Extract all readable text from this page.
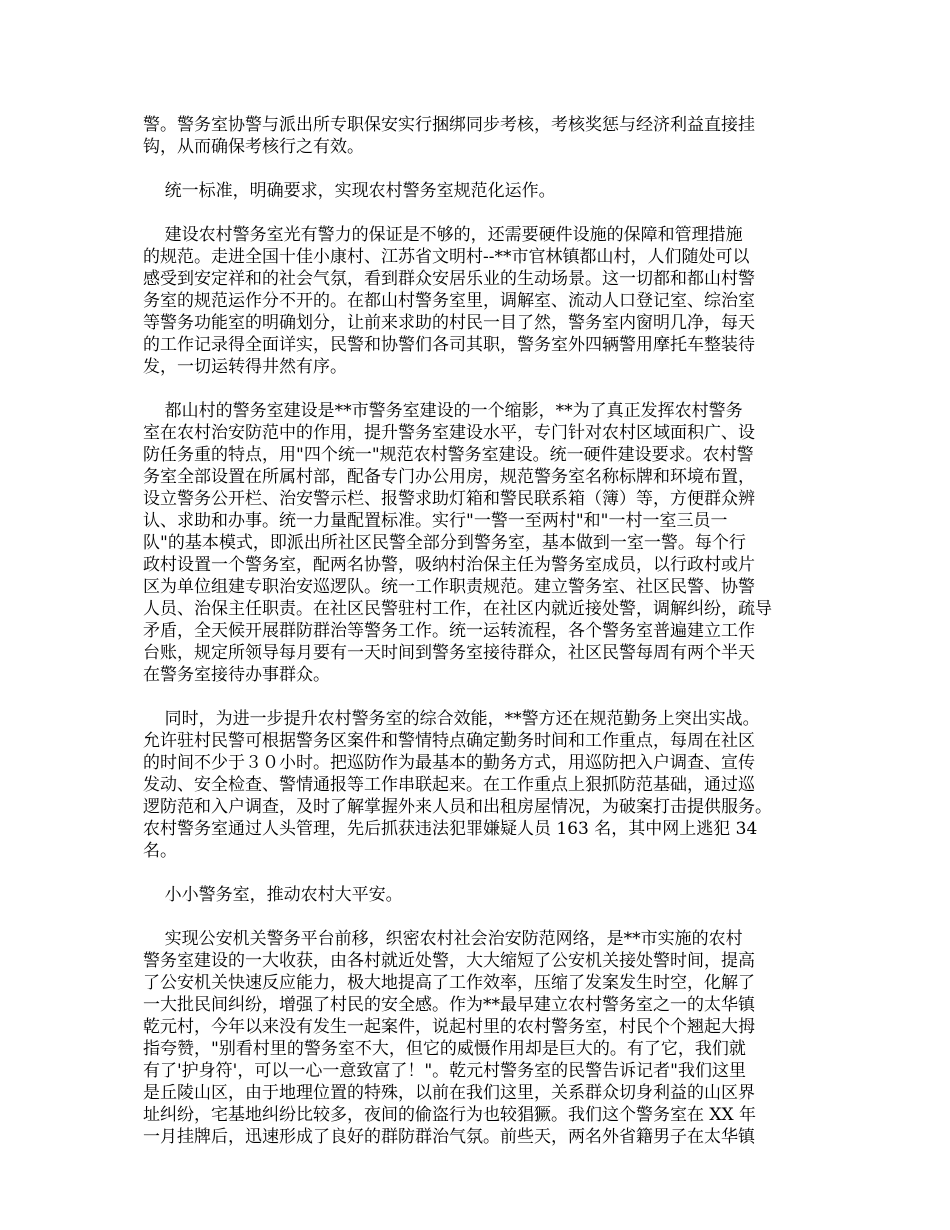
警。警务室协警与派出所专职保安实行捆绑同步考核，考核奖惩与经济利益直接挂
钩，从而确保考核行之有效。
统一标准，明确要求，实现农村警务室规范化运作。
建设农村警务室光有警力的保证是不够的，还需要硬件设施的保障和管理措施
的规范。走进全国十佳小康村、江苏省文明村--**市官林镇都山村，人们随处可以
感受到安定祥和的社会气氛，看到群众安居乐业的生动场景。这一切都和都山村警
务室的规范运作分不开的。在都山村警务室里，调解室、流动人口登记室、综治室
等警务功能室的明确划分，让前来求助的村民一目了然，警务室内窗明几净，每天
的工作记录得全面详实，民警和协警们各司其职，警务室外四辆警用摩托车整装待
发，一切运转得井然有序。
都山村的警务室建设是**市警务室建设的一个缩影，**为了真正发挥农村警务
室在农村治安防范中的作用，提升警务室建设水平，专门针对农村区域面积广、设
防任务重的特点，用"四个统一"规范农村警务室建设。统一硬件建设要求。农村警
务室全部设置在所属村部，配备专门办公用房，规范警务室名称标牌和环境布置，
设立警务公开栏、治安警示栏、报警求助灯箱和警民联系箱（簿）等，方便群众辨
认、求助和办事。统一力量配置标准。实行"一警一至两村"和"一村一室三员一
队"的基本模式，即派出所社区民警全部分到警务室，基本做到一室一警。每个行
政村设置一个警务室，配两名协警，吸纳村治保主任为警务室成员，以行政村或片
区为单位组建专职治安巡逻队。统一工作职责规范。建立警务室、社区民警、协警
人员、治保主任职责。在社区民警驻村工作，在社区内就近接处警，调解纠纷，疏导
矛盾，全天候开展群防群治等警务工作。统一运转流程，各个警务室普遍建立工作
台账，规定所领导每月要有一天时间到警务室接待群众，社区民警每周有两个半天
在警务室接待办事群众。
同时，为进一步提升农村警务室的综合效能，**警方还在规范勤务上突出实战。
允许驻村民警可根据警务区案件和警情特点确定勤务时间和工作重点，每周在社区
的时间不少于３０小时。把巡防作为最基本的勤务方式，用巡防把入户调查、宣传
发动、安全检查、警情通报等工作串联起来。在工作重点上狠抓防范基础，通过巡
逻防范和入户调查，及时了解掌握外来人员和出租房屋情况，为破案打击提供服务。
农村警务室通过人头管理，先后抓获违法犯罪嫌疑人员 163 名，其中网上逃犯 34
名。
小小警务室，推动农村大平安。
实现公安机关警务平台前移，织密农村社会治安防范网络，是**市实施的农村
警务室建设的一大收获，由各村就近处警，大大缩短了公安机关接处警时间，提高
了公安机关快速反应能力，极大地提高了工作效率，压缩了发案发生时空，化解了
一大批民间纠纷，增强了村民的安全感。作为**最早建立农村警务室之一的太华镇
乾元村，今年以来没有发生一起案件，说起村里的农村警务室，村民个个翘起大拇
指夸赞，"别看村里的警务室不大，但它的威慑作用却是巨大的。有了它，我们就
有了'护身符'，可以一心一意致富了！"。乾元村警务室的民警告诉记者"我们这里
是丘陵山区，由于地理位置的特殊，以前在我们这里，关系群众切身利益的山区界
址纠纷，宅基地纠纷比较多，夜间的偷盗行为也较猖獗。我们这个警务室在 XX 年
一月挂牌后，迅速形成了良好的群防群治气氛。前些天，两名外省籍男子在太华镇
